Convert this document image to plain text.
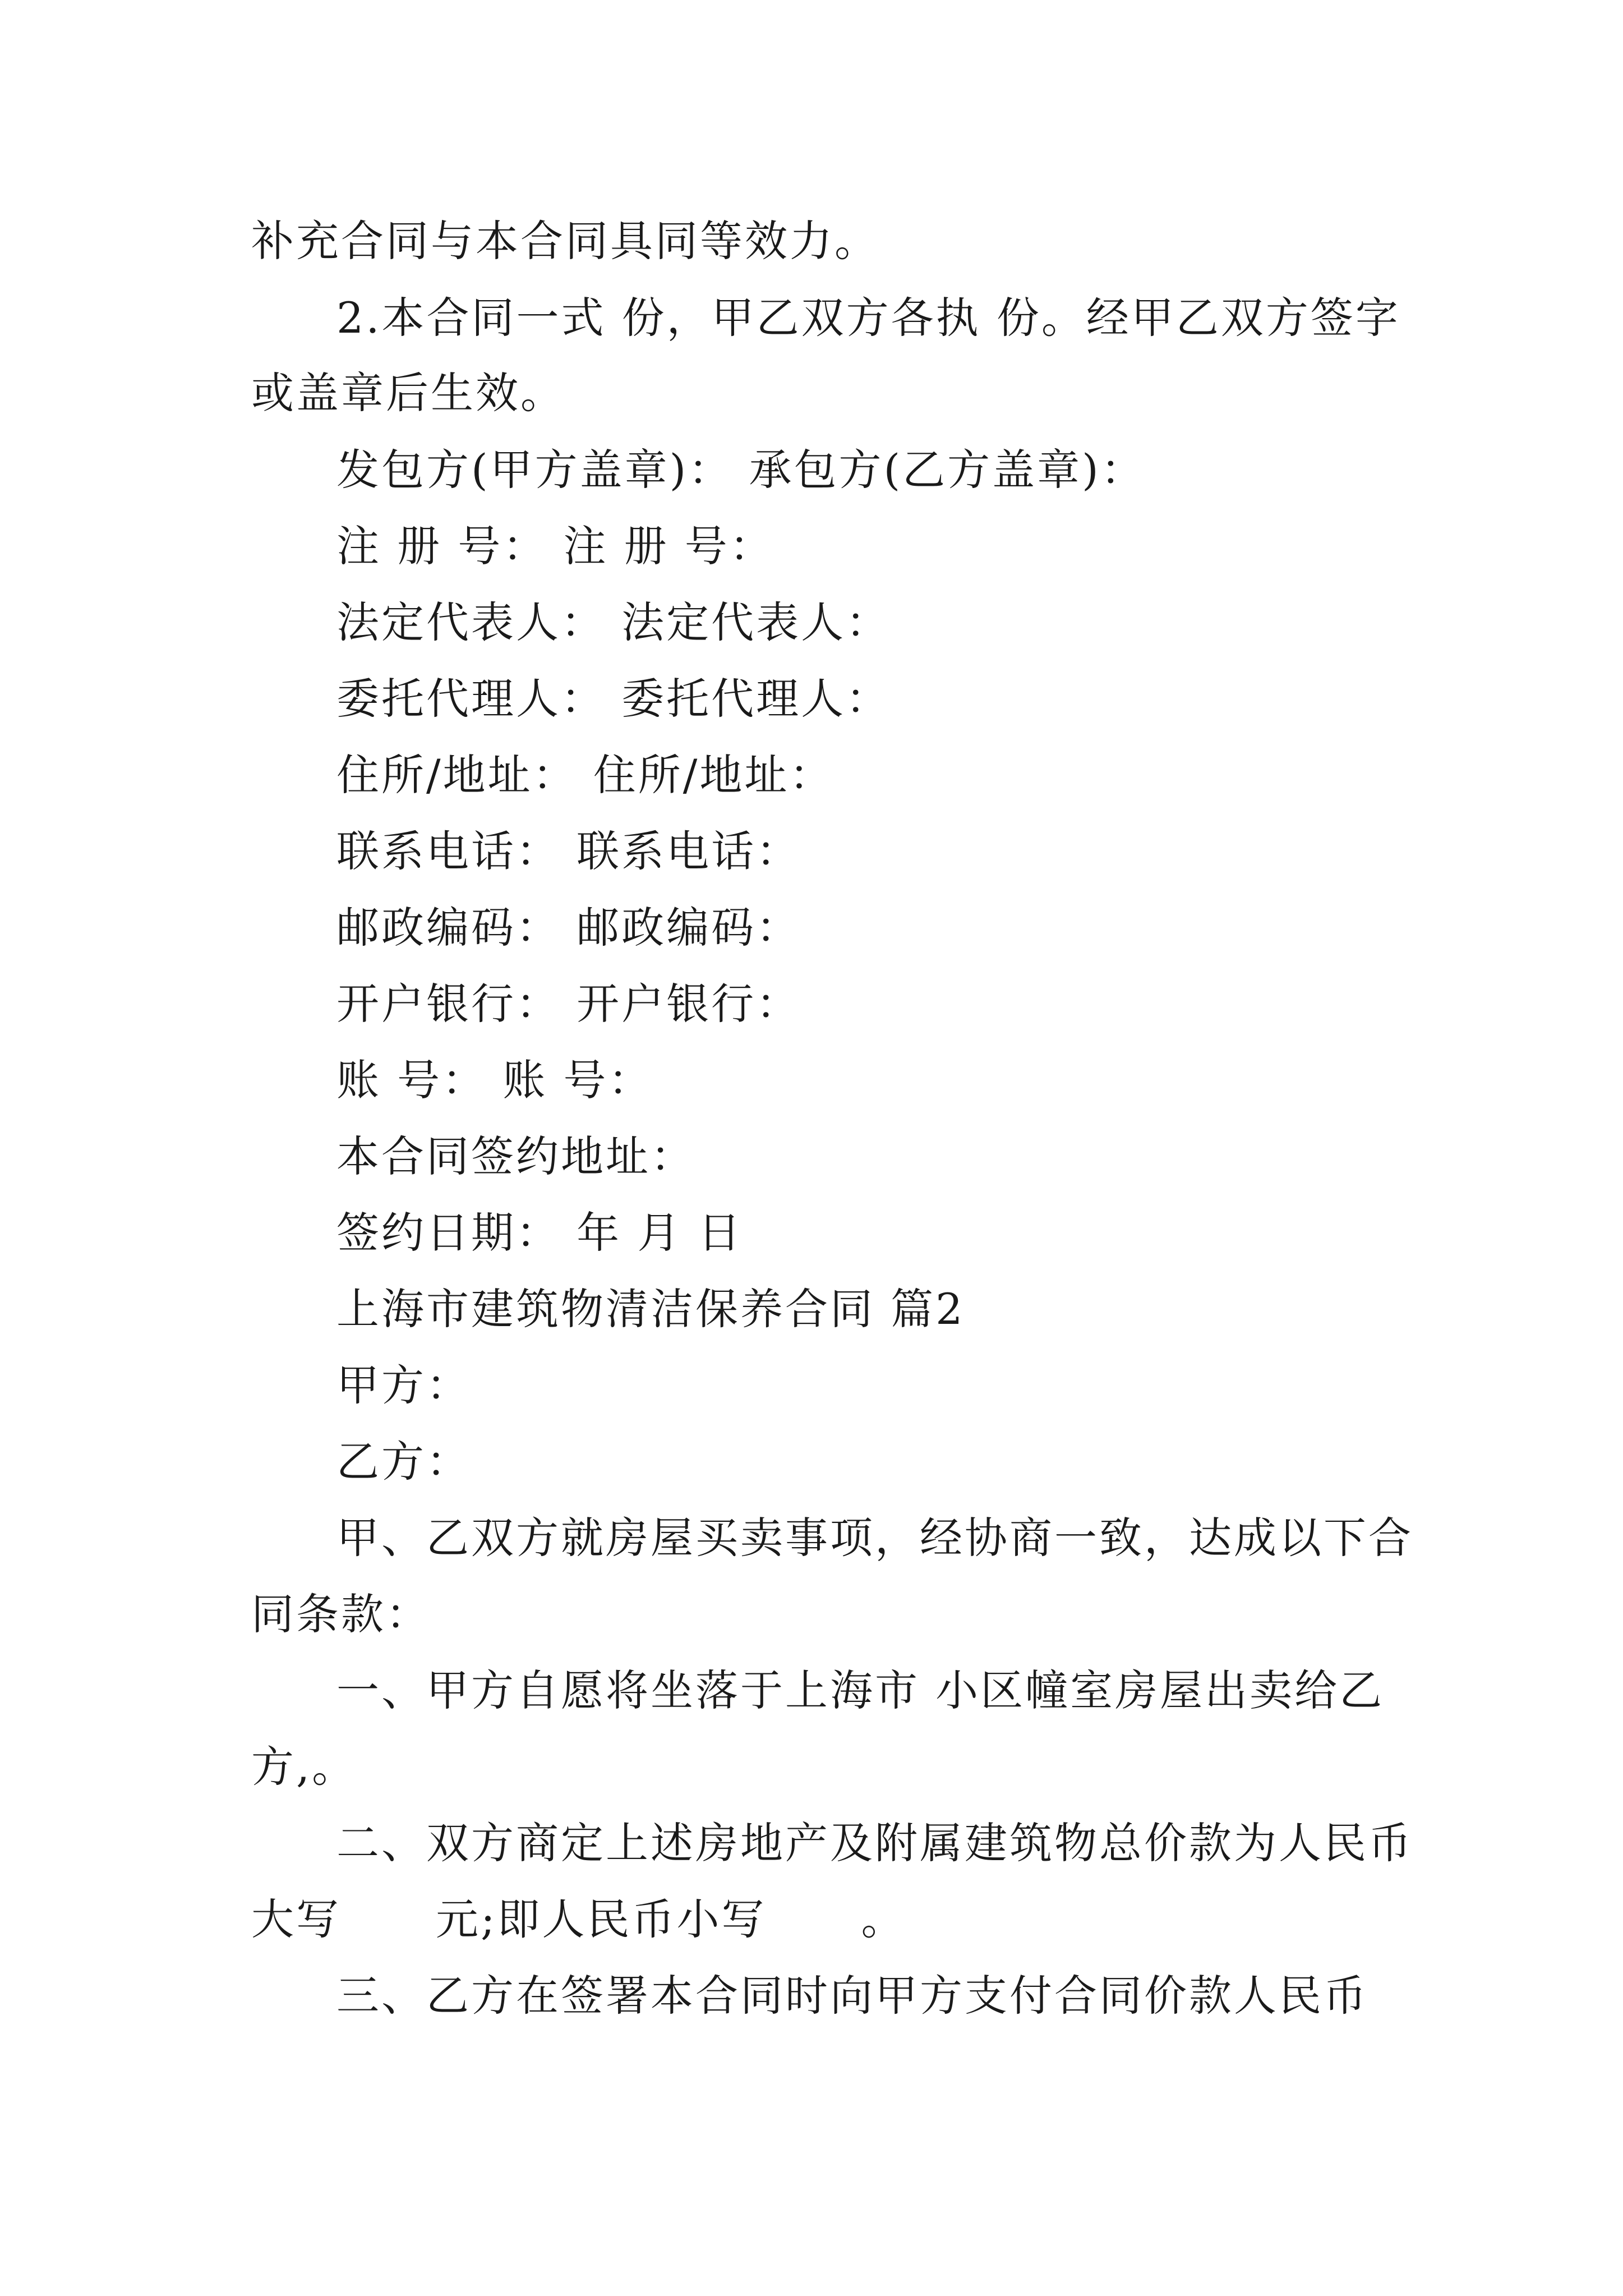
补充合同与本合同具同等效力。
2.本合同一式 份，甲乙双方各执 份。经甲乙双方签字
或盖章后生效。
发包方(甲方盖章)： 承包方(乙方盖章)：
注 册 号： 注 册 号：
法定代表人： 法定代表人：
委托代理人： 委托代理人：
住所/地址： 住所/地址：
联系电话： 联系电话：
邮政编码： 邮政编码：
开户银行： 开户银行：
账 号： 账 号：
本合同签约地址：
签约日期： 年 月 日
上海市建筑物清洁保养合同 篇2
甲方：
乙方：
甲、乙双方就房屋买卖事项，经协商一致，达成以下合
同条款：
一、甲方自愿将坐落于上海市 小区幢室房屋出卖给乙
方,。
二、双方商定上述房地产及附属建筑物总价款为人民币
大写      元;即人民币小写      。
三、乙方在签署本合同时向甲方支付合同价款人民币
